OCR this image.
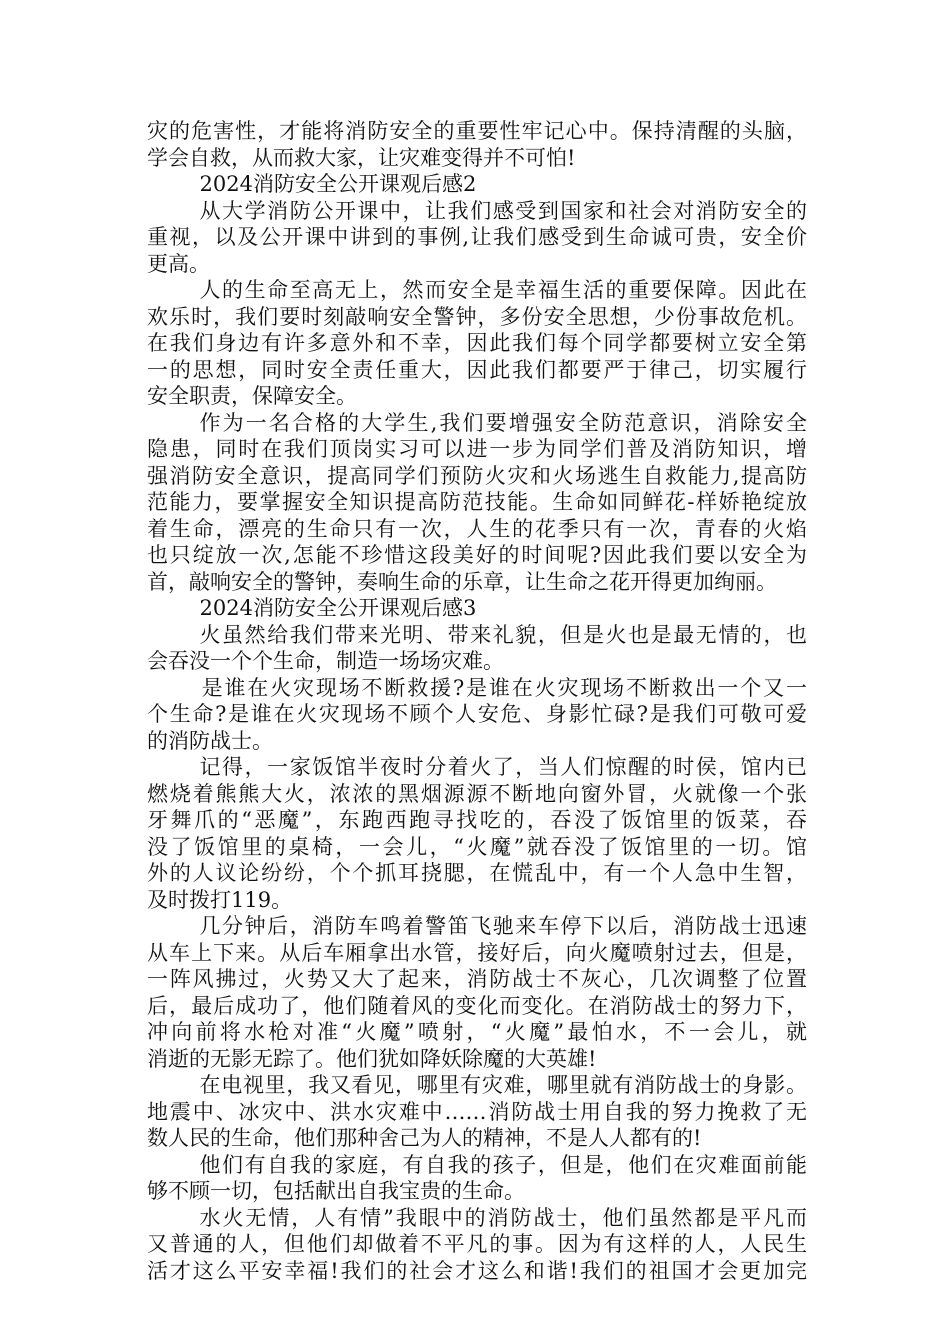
灾的危害性，才能将消防安全的重要性牢记心中。保持清醒的头脑，
学会自救，从而救大家，让灾难变得并不可怕!
2024消防安全公开课观后感2
从大学消防公开课中，让我们感受到国家和社会对消防安全的
重视，以及公开课中讲到的事例,让我们感受到生命诚可贵，安全价
更高。
人的生命至高无上，然而安全是幸福生活的重要保障。因此在
欢乐时，我们要时刻敲响安全警钟，多份安全思想，少份事故危机。
在我们身边有许多意外和不幸，因此我们每个同学都要树立安全第
一的思想，同时安全责任重大，因此我们都要严于律己，切实履行
安全职责，保障安全。
作为一名合格的大学生,我们要增强安全防范意识，消除安全
隐患，同时在我们顶岗实习可以进一步为同学们普及消防知识，增
强消防安全意识，提高同学们预防火灾和火场逃生自救能力,提高防
范能力，要掌握安全知识提高防范技能。生命如同鲜花-样娇艳绽放
着生命，漂亮的生命只有一次，人生的花季只有一次，青春的火焰
也只绽放一次,怎能不珍惜这段美好的时间呢?因此我们要以安全为
首，敲响安全的警钟，奏响生命的乐章，让生命之花开得更加绚丽。
2024消防安全公开课观后感3
火虽然给我们带来光明、带来礼貌，但是火也是最无情的，也
会吞没一个个生命，制造一场场灾难。
是谁在火灾现场不断救援?是谁在火灾现场不断救出一个又一
个生命?是谁在火灾现场不顾个人安危、身影忙碌?是我们可敬可爱
的消防战士。
记得，一家饭馆半夜时分着火了，当人们惊醒的时侯，馆内已
燃烧着熊熊大火，浓浓的黑烟源源不断地向窗外冒，火就像一个张
牙舞爪的“恶魔”，东跑西跑寻找吃的，吞没了饭馆里的饭菜，吞
没了饭馆里的桌椅，一会儿，“火魔”就吞没了饭馆里的一切。馆
外的人议论纷纷，个个抓耳挠腮，在慌乱中，有一个人急中生智，
及时拨打119。
几分钟后，消防车鸣着警笛飞驰来车停下以后，消防战士迅速
从车上下来。从后车厢拿出水管，接好后，向火魔喷射过去，但是，
一阵风拂过，火势又大了起来，消防战士不灰心，几次调整了位置
后，最后成功了，他们随着风的变化而变化。在消防战士的努力下，
冲向前将水枪对准“火魔”喷射，“火魔”最怕水，不一会儿，就
消逝的无影无踪了。他们犹如降妖除魔的大英雄!
在电视里，我又看见，哪里有灾难，哪里就有消防战士的身影。
地震中、冰灾中、洪水灾难中……消防战士用自我的努力挽救了无
数人民的生命，他们那种舍己为人的精神，不是人人都有的!
他们有自我的家庭，有自我的孩子，但是，他们在灾难面前能
够不顾一切，包括献出自我宝贵的生命。
水火无情，人有情”我眼中的消防战士，他们虽然都是平凡而
又普通的人，但他们却做着不平凡的事。因为有这样的人，人民生
活才这么平安幸福!我们的社会才这么和谐!我们的祖国才会更加完
